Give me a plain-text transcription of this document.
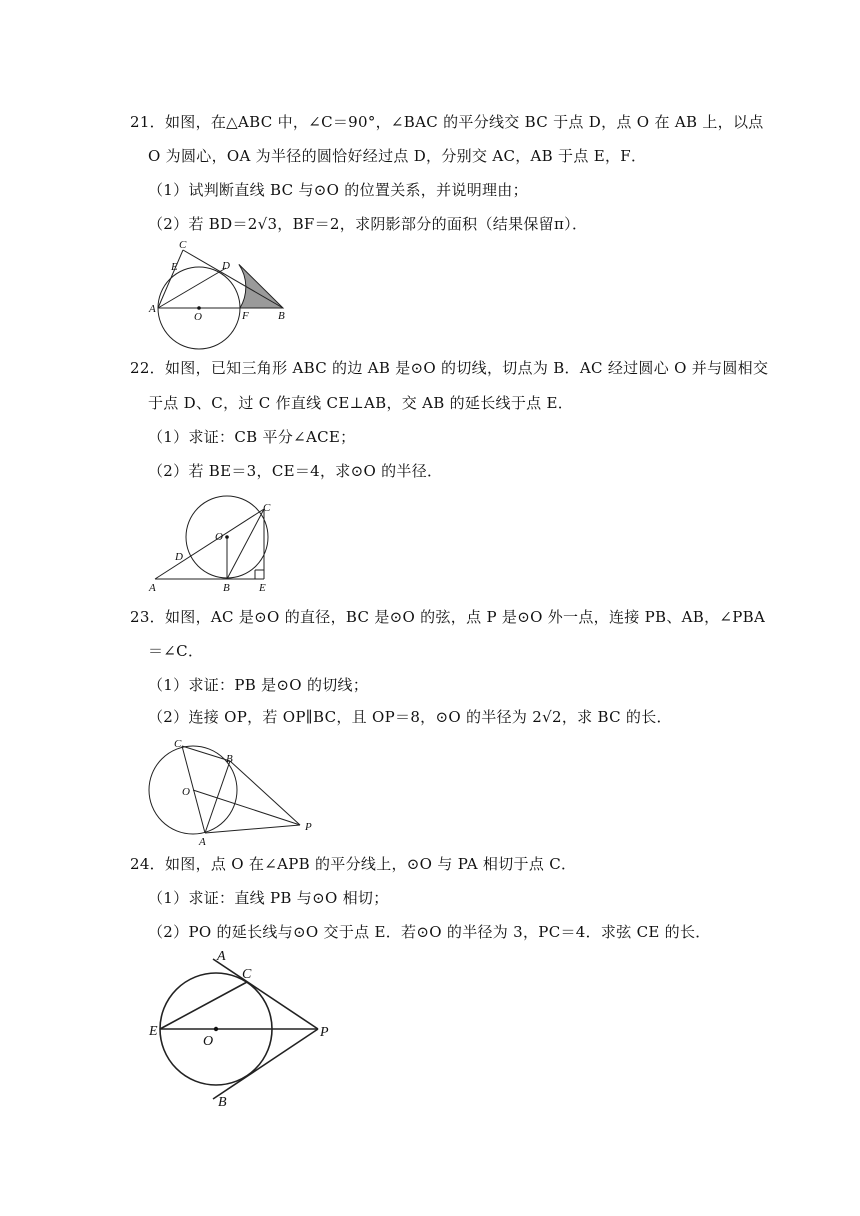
21．如图，在△ABC 中，∠C＝90°，∠BAC 的平分线交 BC 于点 D，点 O 在 AB 上，以点
O 为圆心，OA 为半径的圆恰好经过点 D，分别交 AC，AB 于点 E，F．
（1）试判断直线 BC 与⊙O 的位置关系，并说明理由；
（2）若 BD＝2√3，BF＝2，求阴影部分的面积（结果保留π）．
C
E	D
A
O	F	B
22．如图，已知三角形 ABC 的边 AB 是⊙O 的切线，切点为 B．AC 经过圆心 O 并与圆相交
于点 D、C，过 C 作直线 CE⊥AB，交 AB 的延长线于点 E．
（1）求证：CB 平分∠ACE；
（2）若 BE＝3，CE＝4，求⊙O 的半径．
C
O
D
A	B	E
23．如图，AC 是⊙O 的直径，BC 是⊙O 的弦，点 P 是⊙O 外一点，连接 PB、AB，∠PBA
＝∠C．
（1）求证：PB 是⊙O 的切线；
（2）连接 OP，若 OP∥BC，且 OP＝8，⊙O 的半径为 2√2，求 BC 的长．
C
B
O
A
P
24．如图，点 O 在∠APB 的平分线上，⊙O 与 PA 相切于点 C．
（1）求证：直线 PB 与⊙O 相切；
（2）PO 的延长线与⊙O 交于点 E．若⊙O 的半径为 3，PC＝4．求弦 CE 的长．
A
C
E
O
P
B
